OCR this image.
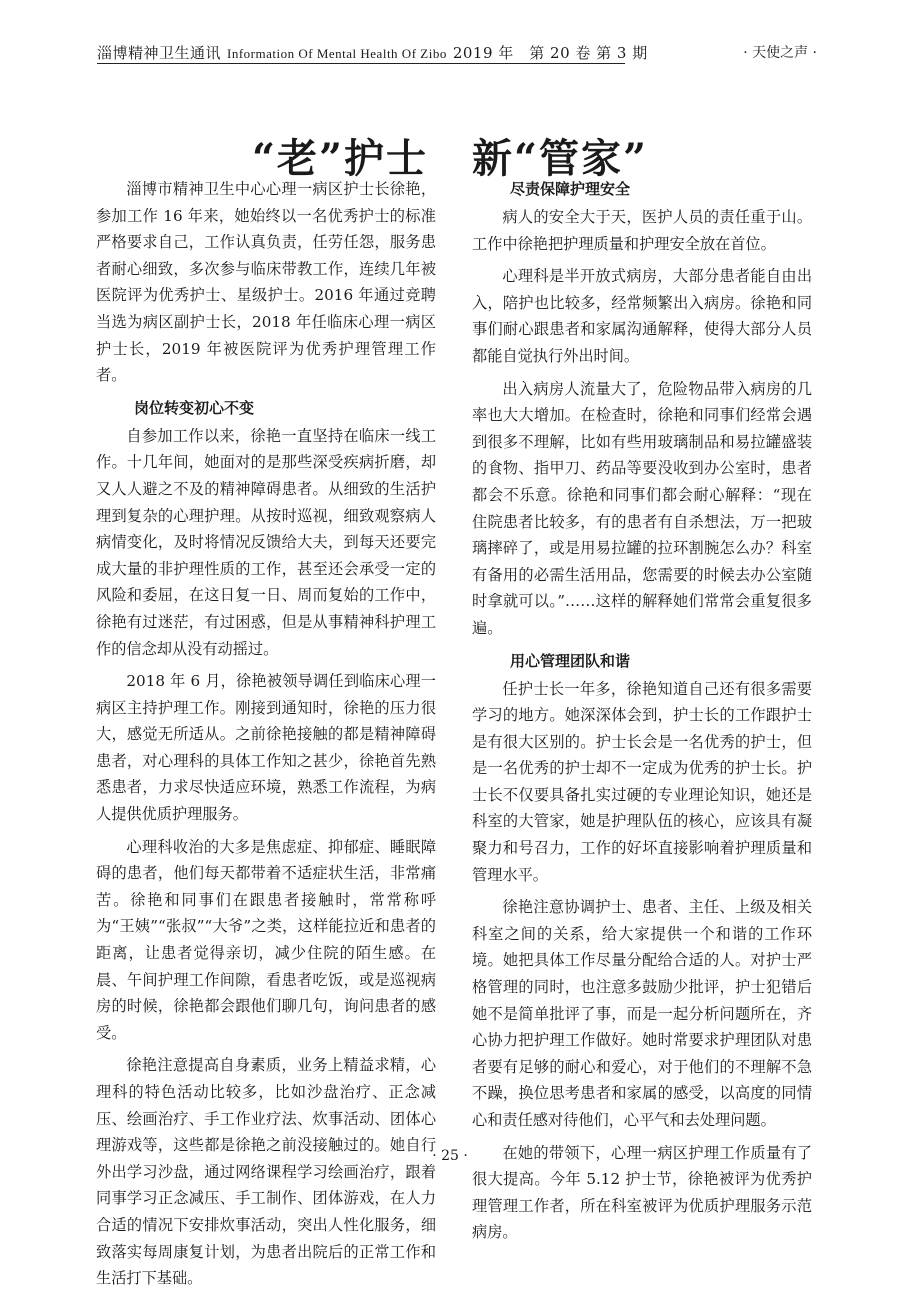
淄博精神卫生通讯 Information Of Mental Health Of Zibo 2019 年　第 20 卷 第 3 期	· 天使之声 ·
“老”护士 新“管家”

淄博市精神卫生中心心理一病区护士长徐艳，参加工作 16 年来，她始终以一名优秀护士的标准严格要求自己，工作认真负责，任劳任怨，服务患者耐心细致，多次参与临床带教工作，连续几年被医院评为优秀护士、星级护士。2016 年通过竞聘当选为病区副护士长，2018 年任临床心理一病区护士长，2019 年被医院评为优秀护理管理工作者。

岗位转变初心不变

自参加工作以来，徐艳一直坚持在临床一线工作。十几年间，她面对的是那些深受疾病折磨，却又人人避之不及的精神障碍患者。从细致的生活护理到复杂的心理护理。从按时巡视，细致观察病人病情变化，及时将情况反馈给大夫，到每天还要完成大量的非护理性质的工作，甚至还会承受一定的风险和委屈，在这日复一日、周而复始的工作中，徐艳有过迷茫，有过困惑，但是从事精神科护理工作的信念却从没有动摇过。

2018 年 6 月，徐艳被领导调任到临床心理一病区主持护理工作。刚接到通知时，徐艳的压力很大，感觉无所适从。之前徐艳接触的都是精神障碍患者，对心理科的具体工作知之甚少，徐艳首先熟悉患者，力求尽快适应环境，熟悉工作流程，为病人提供优质护理服务。

心理科收治的大多是焦虑症、抑郁症、睡眠障碍的患者，他们每天都带着不适症状生活，非常痛苦。徐艳和同事们在跟患者接触时，常常称呼为“王姨”“张叔”“大爷”之类，这样能拉近和患者的距离，让患者觉得亲切，减少住院的陌生感。在晨、午间护理工作间隙，看患者吃饭，或是巡视病房的时候，徐艳都会跟他们聊几句，询问患者的感受。

徐艳注意提高自身素质，业务上精益求精，心理科的特色活动比较多，比如沙盘治疗、正念减压、绘画治疗、手工作业疗法、炊事活动、团体心理游戏等，这些都是徐艳之前没接触过的。她自行外出学习沙盘，通过网络课程学习绘画治疗，跟着同事学习正念减压、手工制作、团体游戏，在人力合适的情况下安排炊事活动，突出人性化服务，细致落实每周康复计划，为患者出院后的正常工作和生活打下基础。

尽责保障护理安全

病人的安全大于天，医护人员的责任重于山。工作中徐艳把护理质量和护理安全放在首位。

心理科是半开放式病房，大部分患者能自由出入，陪护也比较多，经常频繁出入病房。徐艳和同事们耐心跟患者和家属沟通解释，使得大部分人员都能自觉执行外出时间。

出入病房人流量大了，危险物品带入病房的几率也大大增加。在检查时，徐艳和同事们经常会遇到很多不理解，比如有些用玻璃制品和易拉罐盛装的食物、指甲刀、药品等要没收到办公室时，患者都会不乐意。徐艳和同事们都会耐心解释：“现在住院患者比较多，有的患者有自杀想法，万一把玻璃摔碎了，或是用易拉罐的拉环割腕怎么办？科室有备用的必需生活用品，您需要的时候去办公室随时拿就可以。”……这样的解释她们常常会重复很多遍。

用心管理团队和谐

任护士长一年多，徐艳知道自己还有很多需要学习的地方。她深深体会到，护士长的工作跟护士是有很大区别的。护士长会是一名优秀的护士，但是一名优秀的护士却不一定成为优秀的护士长。护士长不仅要具备扎实过硬的专业理论知识，她还是科室的大管家，她是护理队伍的核心，应该具有凝聚力和号召力，工作的好坏直接影响着护理质量和管理水平。

徐艳注意协调护士、患者、主任、上级及相关科室之间的关系，给大家提供一个和谐的工作环境。她把具体工作尽量分配给合适的人。对护士严格管理的同时，也注意多鼓励少批评，护士犯错后她不是简单批评了事，而是一起分析问题所在，齐心协力把护理工作做好。她时常要求护理团队对患者要有足够的耐心和爱心，对于他们的不理解不急不躁，换位思考患者和家属的感受，以高度的同情心和责任感对待他们，心平气和去处理问题。

在她的带领下，心理一病区护理工作质量有了很大提高。今年 5.12 护士节，徐艳被评为优秀护理管理工作者，所在科室被评为优质护理服务示范病房。

· 25 ·
